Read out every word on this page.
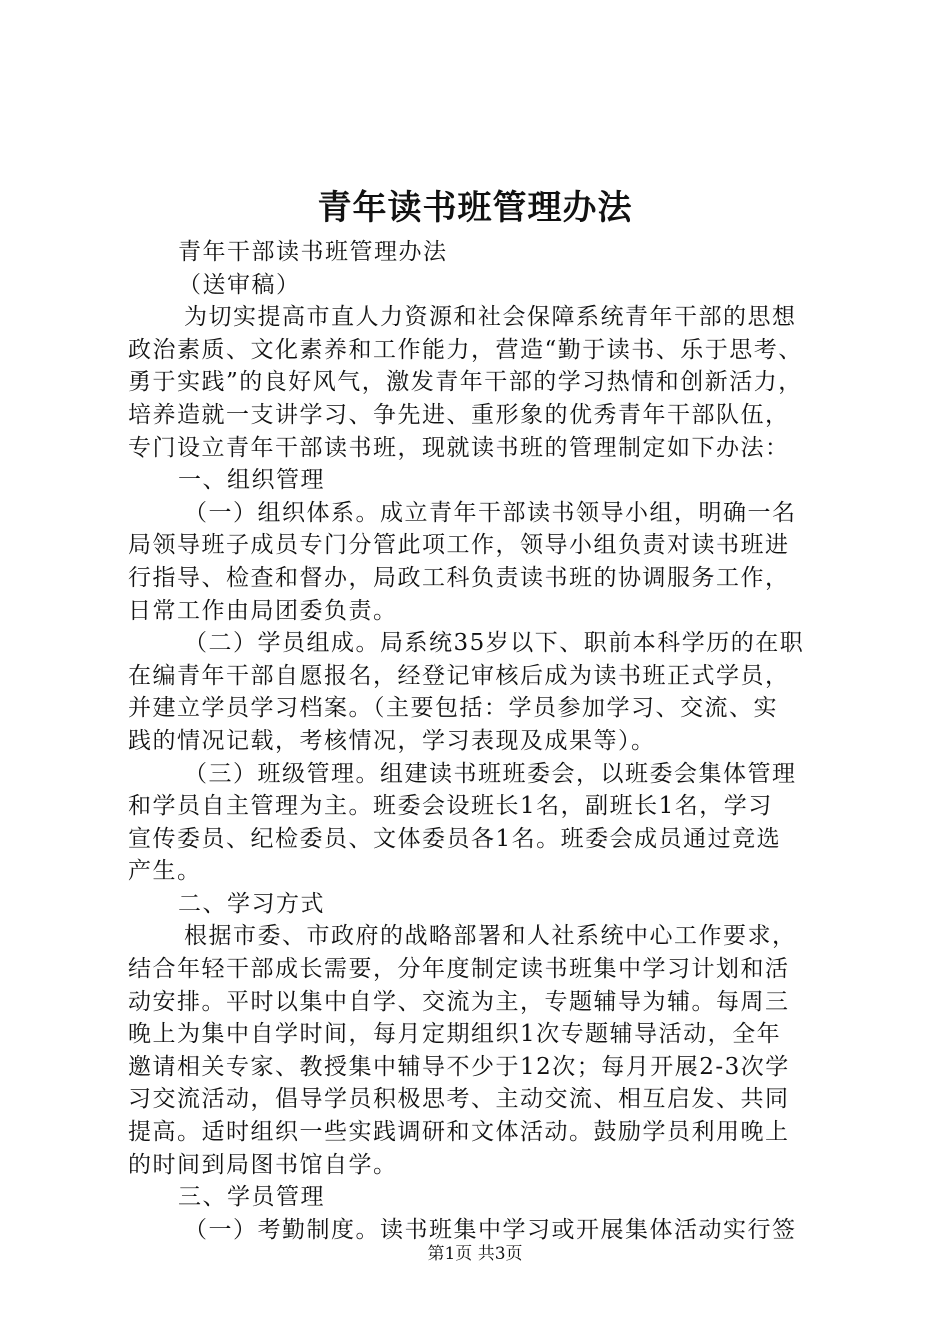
青年读书班管理办法
青年干部读书班管理办法
（送审稿）
为切实提高市直人力资源和社会保障系统青年干部的思想
政治素质、文化素养和工作能力，营造“勤于读书、乐于思考、
勇于实践”的良好风气，激发青年干部的学习热情和创新活力，
培养造就一支讲学习、争先进、重形象的优秀青年干部队伍，
专门设立青年干部读书班，现就读书班的管理制定如下办法：
一、组织管理
（一）组织体系。成立青年干部读书领导小组，明确一名
局领导班子成员专门分管此项工作，领导小组负责对读书班进
行指导、检查和督办，局政工科负责读书班的协调服务工作，
日常工作由局团委负责。
（二）学员组成。局系统35岁以下、职前本科学历的在职
在编青年干部自愿报名，经登记审核后成为读书班正式学员，
并建立学员学习档案。（主要包括：学员参加学习、交流、实
践的情况记载，考核情况，学习表现及成果等）。
（三）班级管理。组建读书班班委会，以班委会集体管理
和学员自主管理为主。班委会设班长1名，副班长1名，学习
宣传委员、纪检委员、文体委员各1名。班委会成员通过竞选
产生。
二、学习方式
根据市委、市政府的战略部署和人社系统中心工作要求，
结合年轻干部成长需要，分年度制定读书班集中学习计划和活
动安排。平时以集中自学、交流为主，专题辅导为辅。每周三
晚上为集中自学时间，每月定期组织1次专题辅导活动，全年
邀请相关专家、教授集中辅导不少于12次；每月开展2-3次学
习交流活动，倡导学员积极思考、主动交流、相互启发、共同
提高。适时组织一些实践调研和文体活动。鼓励学员利用晚上
的时间到局图书馆自学。
三、学员管理
（一）考勤制度。读书班集中学习或开展集体活动实行签
第1页 共3页
